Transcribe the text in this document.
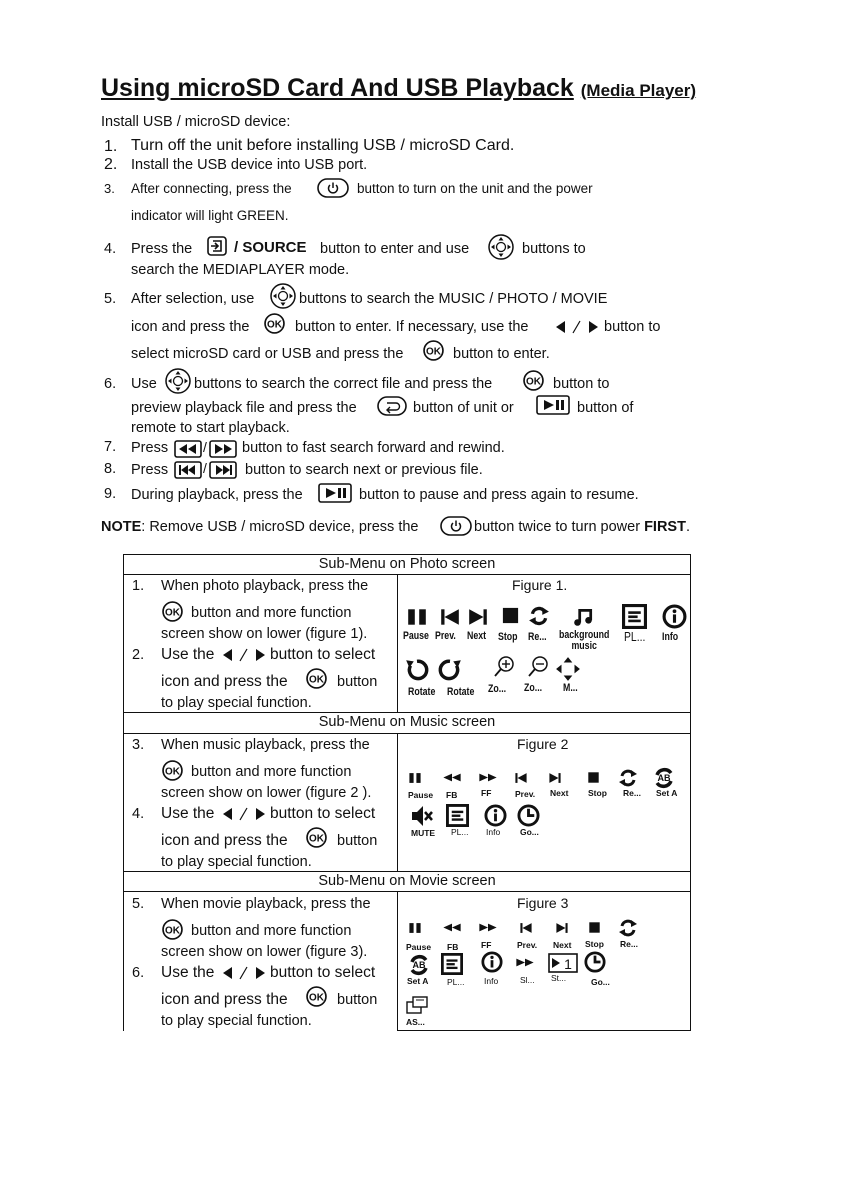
Using microSD Card And USB Playback (Media Player)
Install USB / microSD device:
1. Turn off the unit before installing USB / microSD Card.
2. Install the USB device into USB port.
3. After connecting, press the	button to turn on the unit and the power
indicator will light GREEN.
4. Press the	/ SOURCE button to enter and use	buttons to
search the MEDIAPLAYER mode.
5. After selection, use	buttons to search the MUSIC / PHOTO / MOVIE
icon and press the	button to enter. If necessary, use the	button to
select microSD card or USB and press the	button to enter.
6. Use	buttons to search the correct file and press the	button to
preview playback file and press the	button of unit or	button of
remote to start playback.
7. Press / button to fast search forward and rewind.
8. Press /	button to search next or previous file.
9. During playback, press the	button to pause and press again to resume.
NOTE: Remove USB / microSD device, press the	button twice to turn power FIRST.
Sub-Menu on Photo screen
1. When photo playback, press the
button and more function
screen show on lower (figure 1).
2. Use the	button to select
icon and press the	button
to play special function.
Figure 1.
Pause Prev. Next Stop Re... background music
PL... Info
Rotate Rotate Zo... Zo... M...
Sub-Menu on Music screen
3. When music playback, press the
button and more function
screen show on lower (figure 2 ).
4. Use the	button to select
icon and press the	button
to play special function.
Figure 2
Pause FB	FF	Prev. Next Stop Re... Set A
MUTE PL... Info Go...
Sub-Menu on Movie screen
5. When movie playback, press the
button and more function
screen show on lower (figure 3).
6. Use the	button to select
icon and press the	button
to play special function.
Figure 3
Pause FB	FF	Prev. Next Stop Re...
Set A PL... Info	Sl... St...	Go...
AS...
